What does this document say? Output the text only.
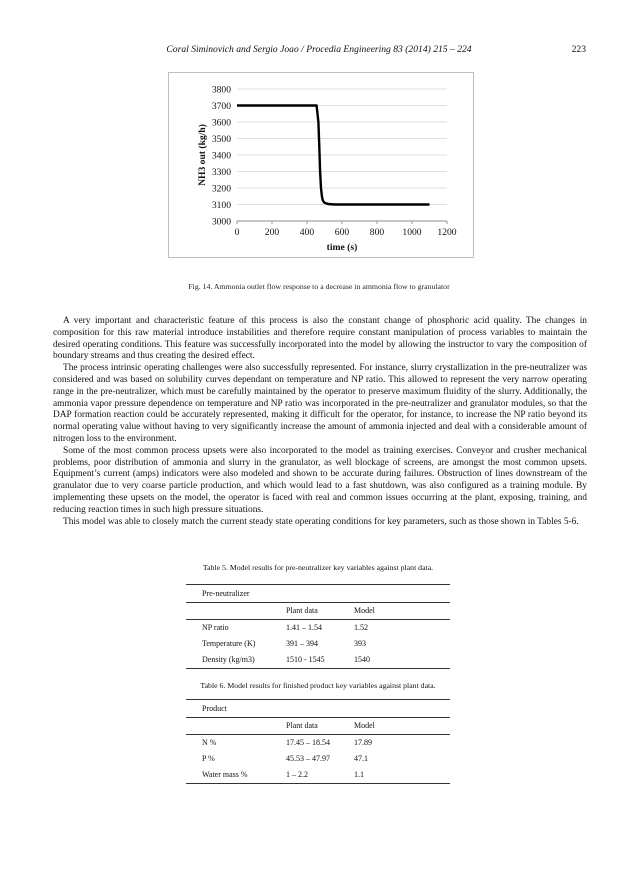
Coral Siminovich and Sergio Joao / Procedia Engineering 83 (2014) 215 – 224	223
3000
3100
3200
3300
3400
3500
3600
3700
3800
0	200 400 600 800 1000 1200
time (s)
NH3 out (kg/h)
Fig. 14. Ammonia outlet flow response to a decrease in ammonia flow to granulator

A very important and characteristic feature of this process is also the constant change of phosphoric acid quality. The changes in composition for this raw material introduce instabilities and therefore require constant manipulation of process variables to maintain the desired operating conditions. This feature was successfully incorporated into the model by allowing the instructor to vary the composition of boundary streams and thus creating the desired effect.

The process intrinsic operating challenges were also successfully represented. For instance, slurry crystallization in the pre-neutralizer was considered and was based on solubility curves dependant on temperature and NP ratio. This allowed to represent the very narrow operating range in the pre-neutralizer, which must be carefully maintained by the operator to preserve maximum fluidity of the slurry. Additionally, the ammonia vapor pressure dependence on temperature and NP ratio was incorporated in the pre-neutralizer and granulator modules, so that the DAP formation reaction could be accurately represented, making it difficult for the operator, for instance, to increase the NP ratio beyond its normal operating value without having to very significantly increase the amount of ammonia injected and deal with a considerable amount of nitrogen loss to the environment.

Some of the most common process upsets were also incorporated to the model as training exercises. Conveyor and crusher mechanical problems, poor distribution of ammonia and slurry in the granulator, as well blockage of screens, are amongst the most common upsets. Equipment’s current (amps) indicators were also modeled and shown to be accurate during failures. Obstruction of lines downstream of the granulator due to very coarse particle production, and which would lead to a fast shutdown, was also configured as a training module. By implementing these upsets on the model, the operator is faced with real and common issues occurring at the plant, exposing, training, and reducing reaction times in such high pressure situations.

This model was able to closely match the current steady state operating conditions for key parameters, such as those shown in Tables 5-6.

Table 5. Model results for pre-neutralizer key variables against plant data.
Pre-neutralizer
Plant data	Model
NP ratio	1.41 – 1.54	1.52
Temperature (K)	391 – 394	393
Density (kg/m3)	1510 - 1545	1540
Table 6. Model results for finished product key variables against plant data.
Product
Plant data	Model
N %	17.45 – 18.54	17.89
P %	45.53 – 47.97	47.1
Water mass %	1 – 2.2	1.1
